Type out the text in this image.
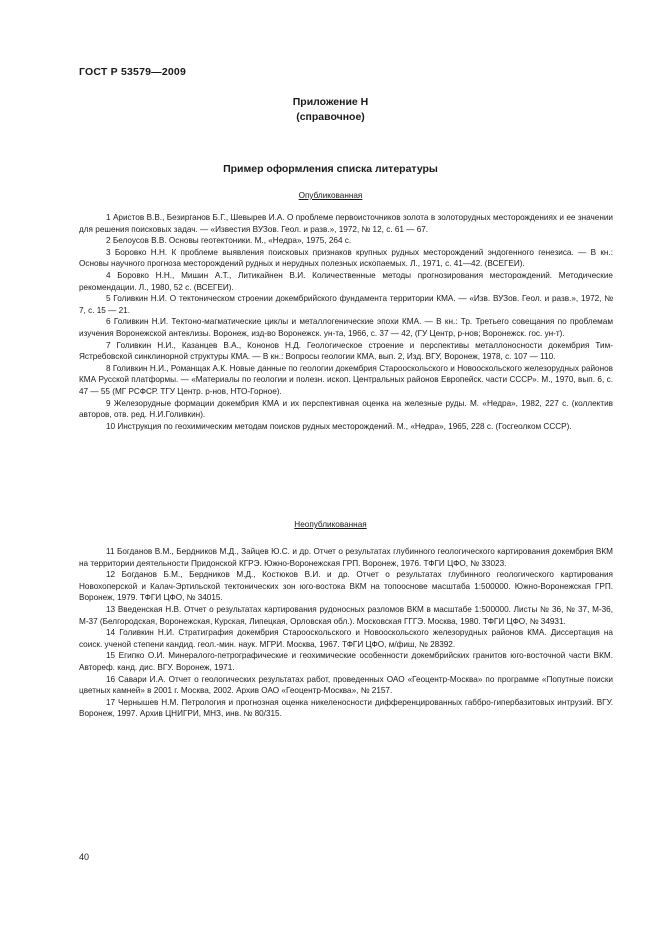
ГОСТ Р 53579—2009
Приложение Н
(справочное)
Пример оформления списка литературы
Опубликованная

1 Аристов В.В., Безирганов Б.Г., Шевырев И.А. О проблеме первоисточников золота в золоторудных месторождениях и ее значении для решения поисковых задач. — «Известия ВУЗов. Геол. и разв.», 1972, № 12, с. 61 — 67.

2 Белоусов В.В. Основы геотектоники. М., «Недра», 1975, 264 с.

3 Боровко Н.Н. К проблеме выявления поисковых признаков крупных рудных месторождений эндогенного генезиса. — В кн.: Основы научного прогноза месторождений рудных и нерудных полезных ископаемых. Л., 1971, с. 41—42. (ВСЕГЕИ).

4 Боровко Н.Н., Мишин А.Т., Литикайнен В.И. Количественные методы прогнозирования месторождений. Методические рекомендации. Л., 1980, 52 с. (ВСЕГЕИ).

5 Голивкин Н.И. О тектоническом строении докембрийского фундамента территории КМА. — «Изв. ВУЗов. Геол. и разв.», 1972, № 7, с. 15 — 21.

6 Голивкин Н.И. Тектоно-магматические циклы и металлогенические эпохи КМА. — В кн.: Тр. Третьего совещания по проблемам изучения Воронежской антеклизы. Воронеж, изд-во Воронежск. ун-та, 1966, с. 37 — 42, (ГУ Центр, р-нов; Воронежск. гос. ун-т).

7 Голивкин Н.И., Казанцев В.А., Кононов Н.Д. Геологическое строение и перспективы металлоносности докембрия Тим-Ястребовской синклинорной структуры КМА. — В кн.: Вопросы геологии КМА, вып. 2, Изд. ВГУ, Воронеж, 1978, с. 107 — 110.

8 Голивкин Н.И., Романщак А.К. Новые данные по геологии докембрия Старооскольского и Новооскольского железорудных районов КМА Русской платформы. — «Материалы по геологии и полезн. ископ. Центральных районов Европейск. части СССР». М., 1970, вып. 6, с. 47 — 55 (МГ РСФСР. ТГУ Центр. р-нов, НТО-Горное).

9 Железорудные формации докембрия КМА и их перспективная оценка на железные руды. М. «Недра», 1982, 227 с. (коллектив авторов, отв. ред. Н.И.Голивкин).

10 Инструкция по геохимическим методам поисков рудных месторождений. М., «Недра», 1965, 228 с. (Госгеолком СССР).

Неопубликованная

11 Богданов В.М., Бердников М.Д., Зайцев Ю.С. и др. Отчет о результатах глубинного геологического картирования докембрия ВКМ на территории деятельности Придонской КГРЭ. Южно-Воронежская ГРП. Воронеж, 1976. ТФГИ ЦФО, № 33023.

12 Богданов Б.М., Бердников М.Д., Костюков В.И. и др. Отчет о результатах глубинного геологического картирования Новохоперской и Калач-Эртильской тектонических зон юго-востока ВКМ на топооснове масштаба 1:500000. Южно-Воронежская ГРП. Воронеж, 1979. ТФГИ ЦФО, № 34015.

13 Введенская Н.В. Отчет о результатах картирования рудоносных разломов ВКМ в масштабе 1:500000. Листы № 36, № 37, М-36, М-37 (Белгородская, Воронежская, Курская, Липецкая, Орловская обл.). Московская ГГГЭ. Москва, 1980. ТФГИ ЦФО, № 34931.

14 Голивкин Н.И. Стратиграфия докембрия Старооскольского и Новооскольского железорудных районов КМА. Диссертация на соиск. ученой степени кандид. геол.-мин. наук. МГРИ. Москва, 1967. ТФГИ ЦФО, м/фиш, № 28392.

15 Египко О.И. Минералого-петрографические и геохимические особенности докембрийских гранитов юго-восточной части ВКМ. Автореф. канд. дис. ВГУ. Воронеж, 1971.

16 Савари И.А. Отчет о геологических результатах работ, проведенных ОАО «Геоцентр-Москва» по программе «Попутные поиски цветных камней» в 2001 г. Москва, 2002. Архив ОАО «Геоцентр-Москва», № 2157.

17 Чернышев Н.М. Петрология и прогнозная оценка никеленосности дифференцированных габбро-гипербазитовых интрузий. ВГУ. Воронеж, 1997. Архив ЦНИГРИ, МНЗ, инв. № 80/315.

40
